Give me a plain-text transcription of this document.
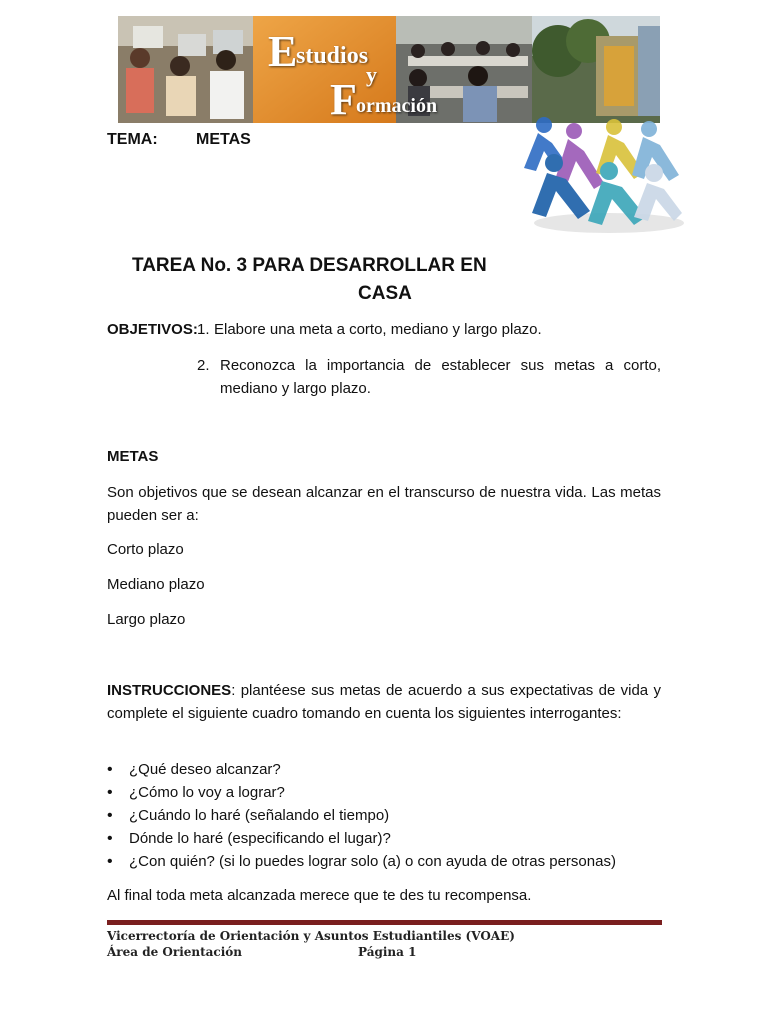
E
studios
y
F ormación
TEMA: METAS
TAREA No. 3 PARA DESARROLLAR EN
CASA
OBJETIVOS: 1. Elabore una meta a corto, mediano y largo plazo.
2. Reconozca la importancia de establecer sus metas a corto, mediano y largo plazo.
METAS
Son objetivos que se desean alcanzar en el transcurso de nuestra vida. Las metas pueden ser a:
Corto plazo
Mediano plazo
Largo plazo
INSTRUCCIONES: plantéese sus metas de acuerdo a sus expectativas de vida y complete el siguiente cuadro tomando en cuenta los siguientes interrogantes:
• ¿Qué deseo alcanzar?
• ¿Cómo lo voy a lograr?
• ¿Cuándo lo haré (señalando el tiempo)
• Dónde lo haré (especificando el lugar)?
• ¿Con quién? (si lo puedes lograr solo (a) o con ayuda de otras personas)
Al final toda meta alcanzada merece que te des tu recompensa.
Vicerrectoría de Orientación y Asuntos Estudiantiles (VOAE)
Área de Orientación	Página 1
